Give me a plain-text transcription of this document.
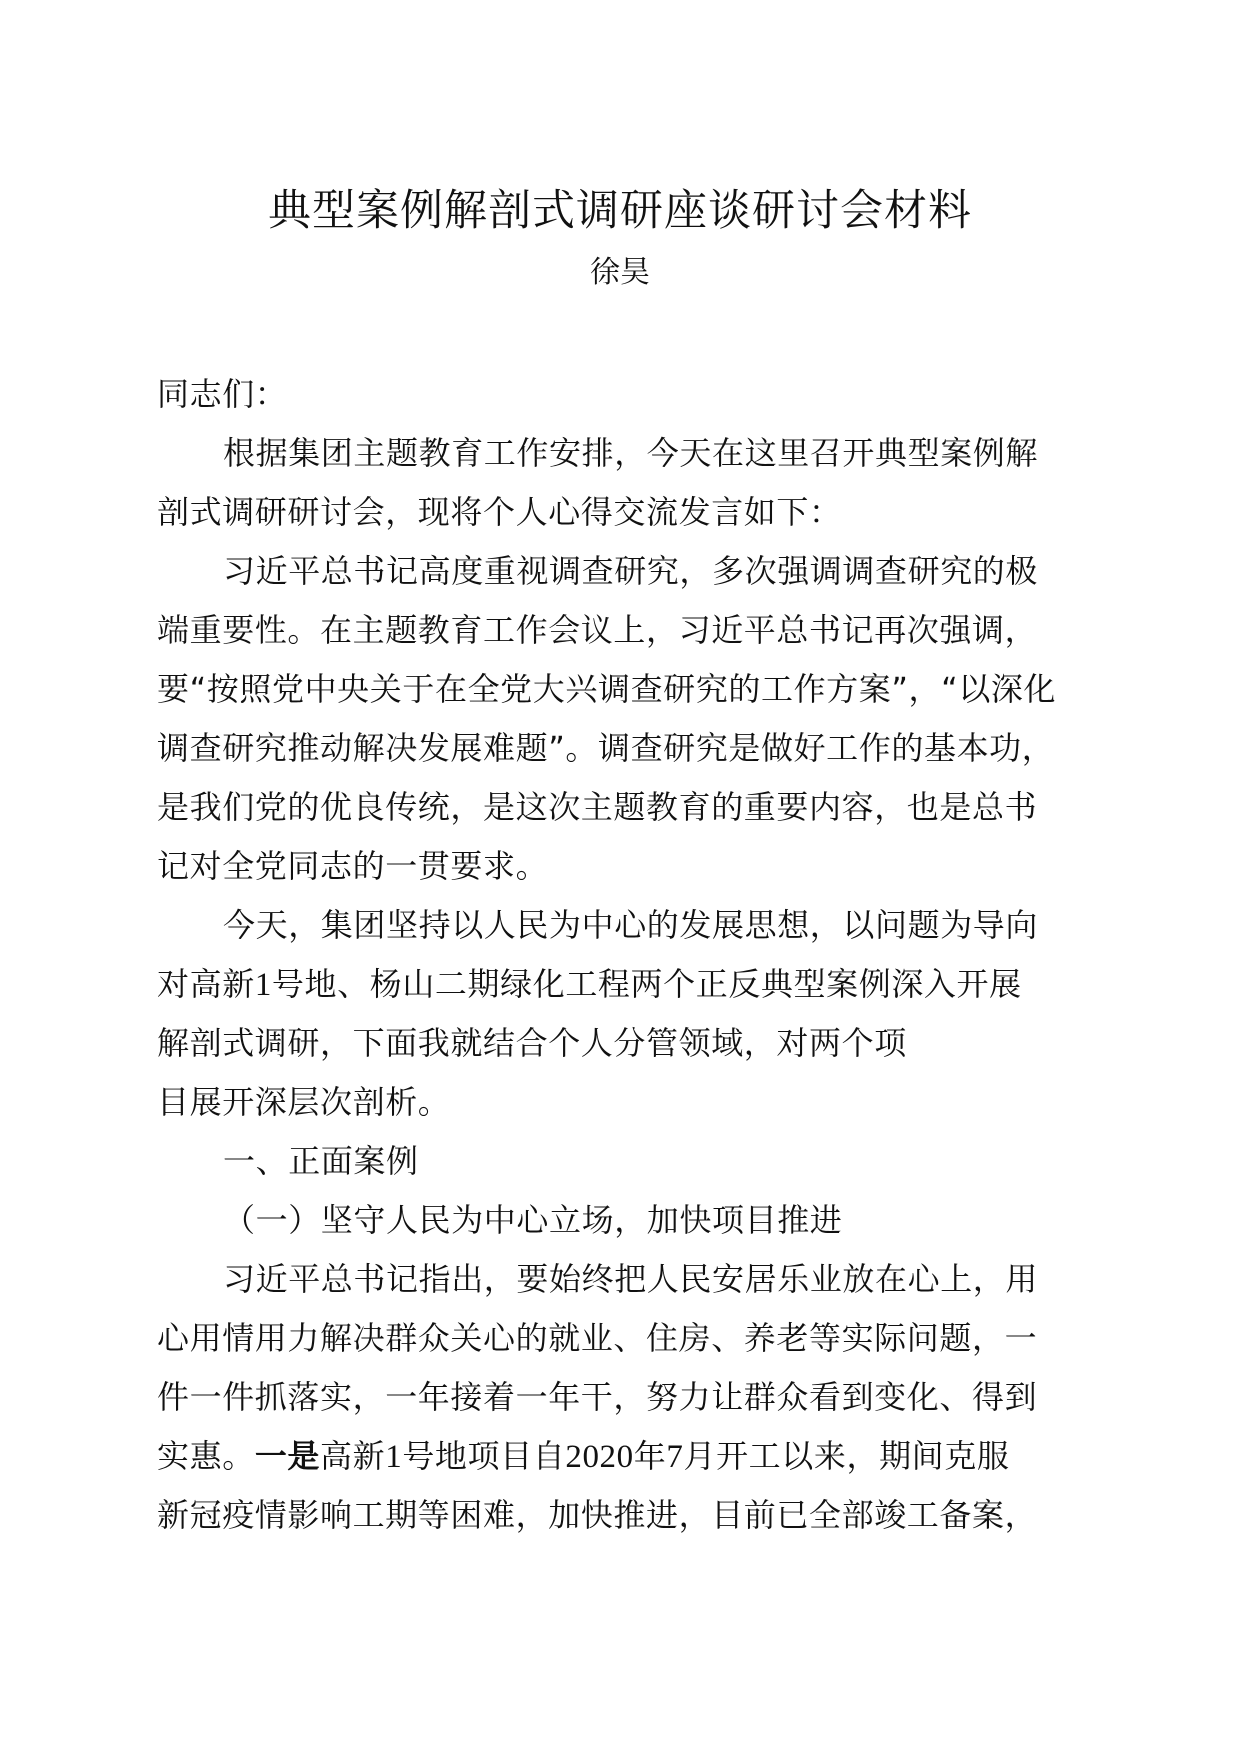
典型案例解剖式调研座谈研讨会材料
徐昊
同志们：
根据集团主题教育工作安排，今天在这里召开典型案例解
剖式调研研讨会，现将个人心得交流发言如下：
习近平总书记高度重视调查研究，多次强调调查研究的极
端重要性。在主题教育工作会议上，习近平总书记再次强调，
要“按照党中央关于在全党大兴调查研究的工作方案”，“以深化
调查研究推动解决发展难题”。调查研究是做好工作的基本功，
是我们党的优良传统，是这次主题教育的重要内容，也是总书
记对全党同志的一贯要求。
今天，集团坚持以人民为中心的发展思想，以问题为导向
对高新1号地、杨山二期绿化工程两个正反典型案例深入开展
解剖式调研，下面我就结合个人分管领域，对两个项
目展开深层次剖析。
一、正面案例
（一）坚守人民为中心立场，加快项目推进
习近平总书记指出，要始终把人民安居乐业放在心上，用
心用情用力解决群众关心的就业、住房、养老等实际问题，一
件一件抓落实，一年接着一年干，努力让群众看到变化、得到
实惠。一是高新1号地项目自2020年7月开工以来，期间克服
新冠疫情影响工期等困难，加快推进，目前已全部竣工备案，
